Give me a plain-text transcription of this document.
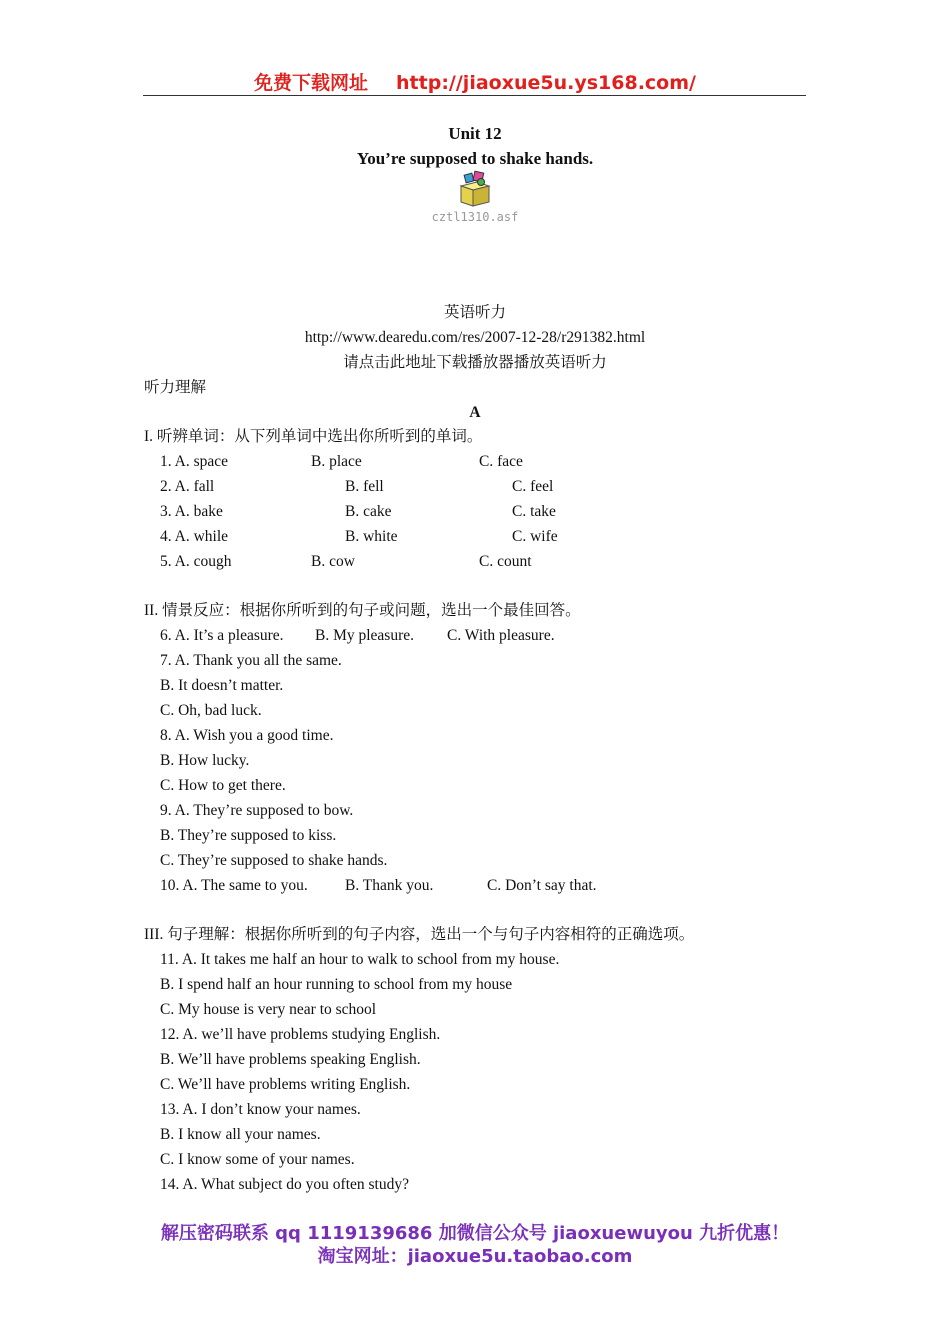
免费下载网址 http://jiaoxue5u.ys168.com/
Unit 12
You’re supposed to shake hands.
cztl1310.asf
英语听力
http://www.dearedu.com/res/2007-12-28/r291382.html
请点击此地址下载播放器播放英语听力
听力理解
A
I. 听辨单词：从下列单词中选出你所听到的单词。
1. A. space	B. place	C. face
2. A. fall	B. fell	C. feel
3. A. bake	B. cake	C. take
4. A. while	B. white	C. wife
5. A. cough	B. cow	C. count
II. 情景反应：根据你所听到的句子或问题，选出一个最佳回答。
6. A. It’s a pleasure. B. My pleasure. C. With pleasure.
7. A. Thank you all the same.
B. It doesn’t matter.
C. Oh, bad luck.
8. A. Wish you a good time.
B. How lucky.
C. How to get there.
9. A. They’re supposed to bow.
B. They’re supposed to kiss.
C. They’re supposed to shake hands.
10. A. The same to you. B. Thank you.	C. Don’t say that.
III. 句子理解：根据你所听到的句子内容，选出一个与句子内容相符的正确选项。
11. A. It takes me half an hour to walk to school from my house.
B. I spend half an hour running to school from my house
C. My house is very near to school
12. A. we’ll have problems studying English.
B. We’ll have problems speaking English.
C. We’ll have problems writing English.
13. A. I don’t know your names.
B. I know all your names.
C. I know some of your names.
14. A. What subject do you often study?
解压密码联系 qq 1119139686 加微信公众号 jiaoxuewuyou 九折优惠！
淘宝网址：jiaoxue5u.taobao.com
